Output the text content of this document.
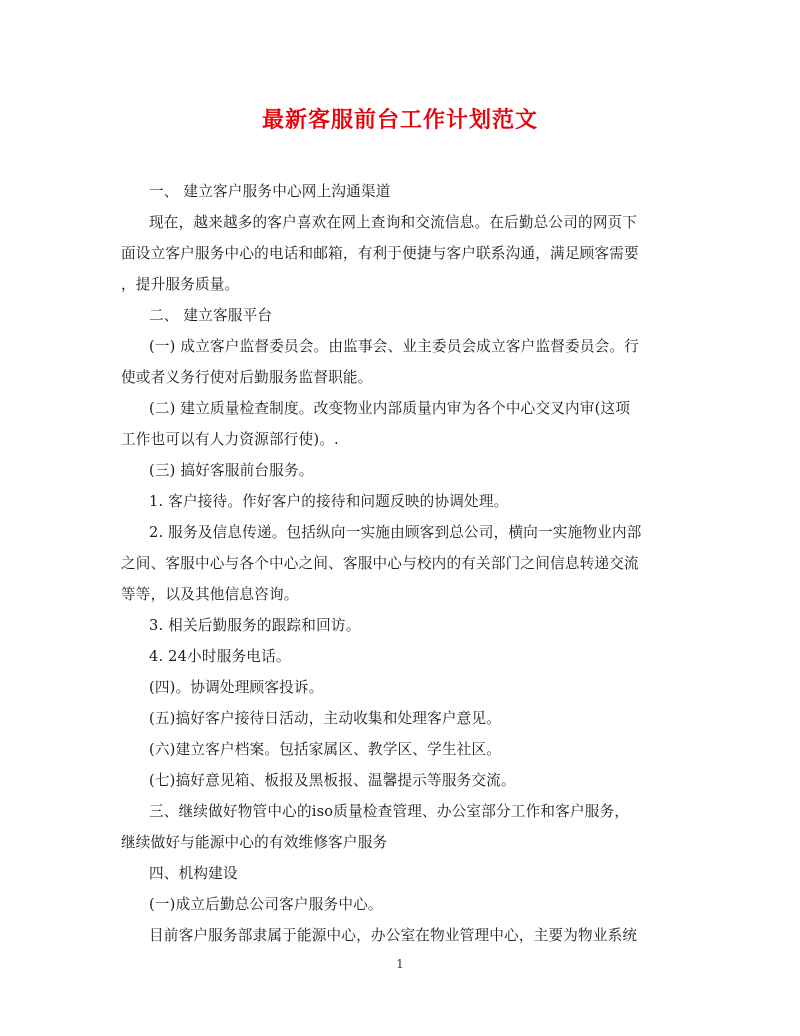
最新客服前台工作计划范文

一、 建立客户服务中心网上沟通渠道

现在，越来越多的客户喜欢在网上查询和交流信息。在后勤总公司的网页下
面设立客户服务中心的电话和邮箱，有利于便捷与客户联系沟通，满足顾客需要
，提升服务质量。

二、 建立客服平台

(一) 成立客户监督委员会。由监事会、业主委员会成立客户监督委员会。行
使或者义务行使对后勤服务监督职能。

(二) 建立质量检查制度。改变物业内部质量内审为各个中心交叉内审(这项
工作也可以有人力资源部行使)。.

(三) 搞好客服前台服务。

1. 客户接待。作好客户的接待和问题反映的协调处理。

2. 服务及信息传递。包括纵向一实施由顾客到总公司，横向一实施物业内部
之间、客服中心与各个中心之间、客服中心与校内的有关部门之间信息转递交流
等等，以及其他信息咨询。

3. 相关后勤服务的跟踪和回访。

4. 24小时服务电话。

(四)。协调处理顾客投诉。

(五)搞好客户接待日活动，主动收集和处理客户意见。

(六)建立客户档案。包括家属区、教学区、学生社区。

(七)搞好意见箱、板报及黑板报、温馨提示等服务交流。

三、继续做好物管中心的iso质量检查管理、办公室部分工作和客户服务，
继续做好与能源中心的有效维修客户服务

四、机构建设

(一)成立后勤总公司客户服务中心。

目前客户服务部隶属于能源中心，办公室在物业管理中心，主要为物业系统

1
